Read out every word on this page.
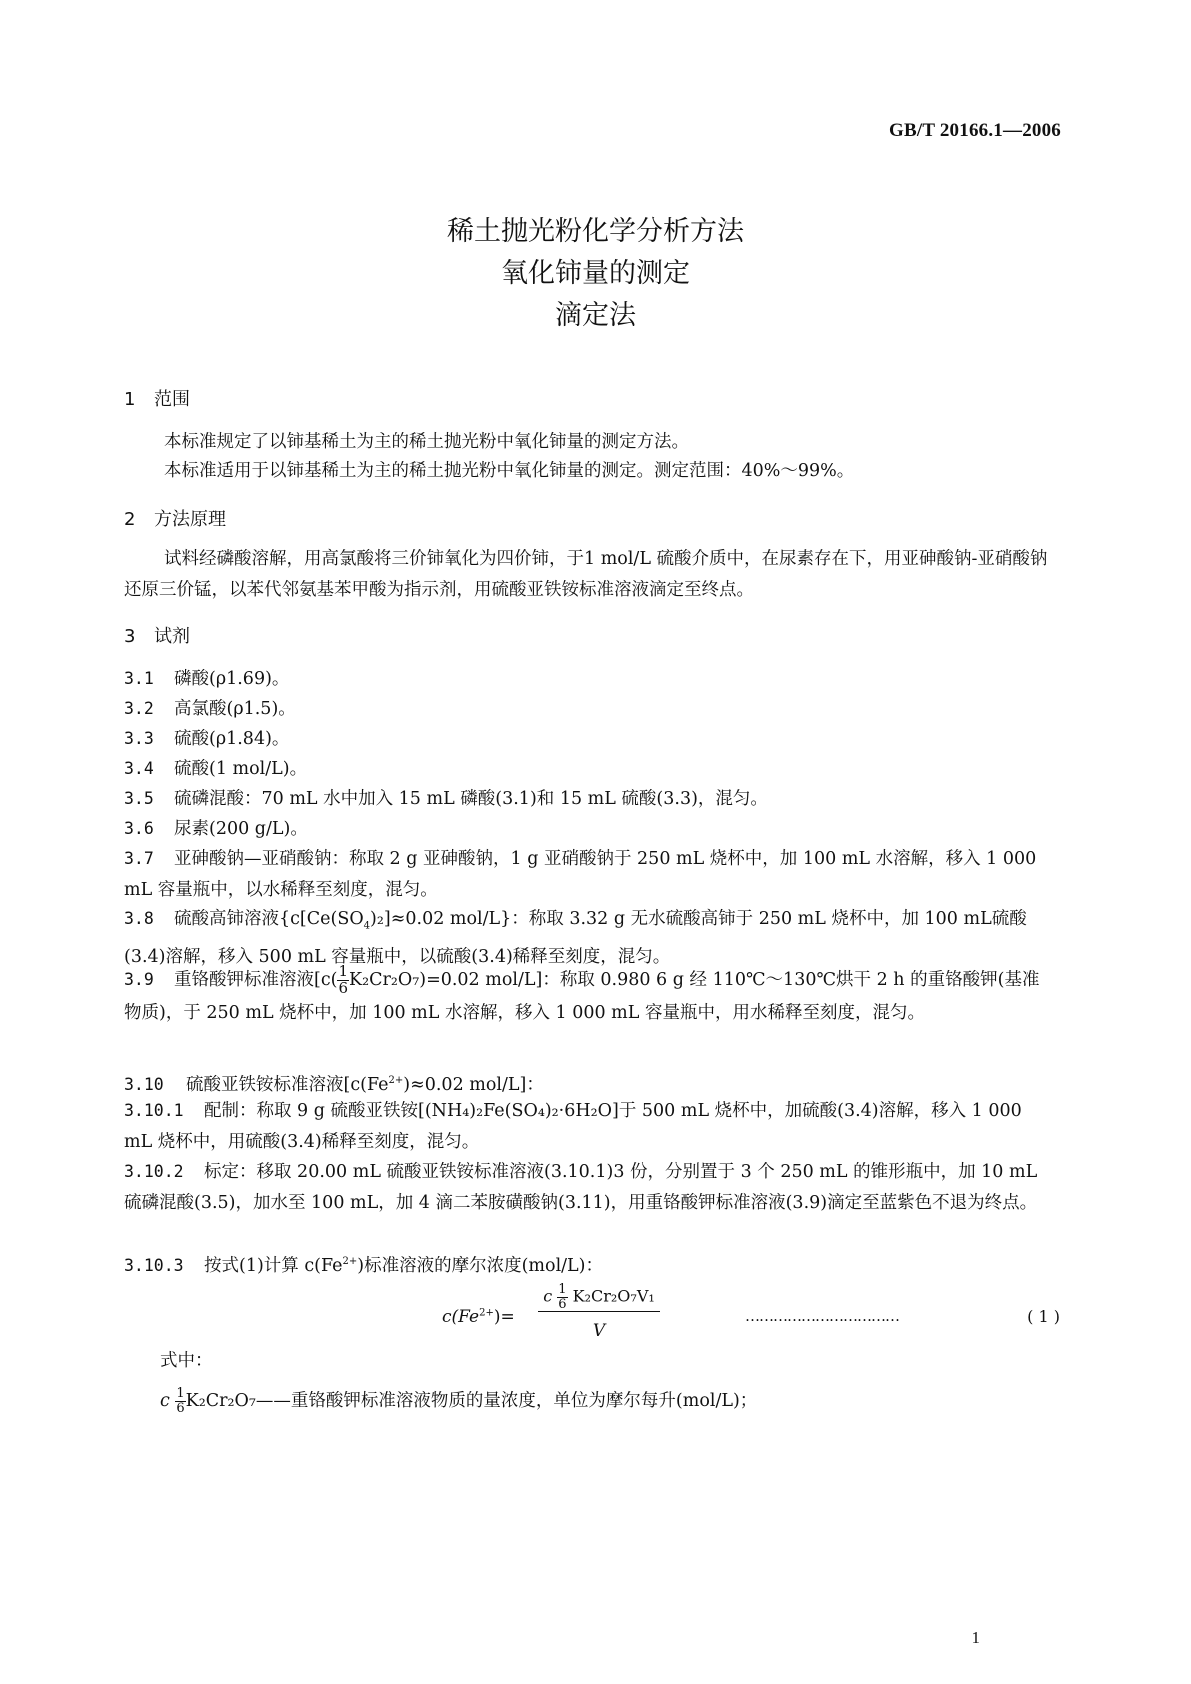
GB/T 20166.1—2006
稀土抛光粉化学分析方法
氧化铈量的测定
滴定法
1 范围
本标准规定了以铈基稀土为主的稀土抛光粉中氧化铈量的测定方法。
本标准适用于以铈基稀土为主的稀土抛光粉中氧化铈量的测定。测定范围：40%～99%。
2 方法原理
试料经磷酸溶解，用高氯酸将三价铈氧化为四价铈，于1 mol/L 硫酸介质中，在尿素存在下，用亚砷酸钠-亚硝酸钠还原三价锰，以苯代邻氨基苯甲酸为指示剂，用硫酸亚铁铵标准溶液滴定至终点。
3 试剂
3.1 磷酸(ρ1.69)。
3.2 高氯酸(ρ1.5)。
3.3 硫酸(ρ1.84)。
3.4 硫酸(1 mol/L)。
3.5 硫磷混酸：70 mL 水中加入 15 mL 磷酸(3.1)和 15 mL 硫酸(3.3)，混匀。
3.6 尿素(200 g/L)。
3.7 亚砷酸钠—亚硝酸钠：称取 2 g 亚砷酸钠，1 g 亚硝酸钠于 250 mL 烧杯中，加 100 mL 水溶解，移入 1 000 mL 容量瓶中，以水稀释至刻度，混匀。
3.8 硫酸高铈溶液{$c[Ce(SO_4)_2]\approx 0.02$ mol/L}：称取 3.32 g 无水硫酸高铈于 250 mL 烧杯中，加 100 mL硫酸(3.4)溶解，移入 500 mL 容量瓶中，以硫酸(3.4)稀释至刻度，混匀。
3.9 重铬酸钾标准溶液[$c( \frac{1}{6} K_2Cr_2O_7)=0.02$ mol/L]：称取 0.980 6 g 经 110℃～130℃烘干 2 h 的重铬酸钾(基准物质)，于 250 mL 烧杯中，加 100 mL 水溶解，移入 1 000 mL 容量瓶中，用水稀释至刻度，混匀。
3.10 硫酸亚铁铵标准溶液[$c(Fe^{2+})\approx 0.02$ mol/L]：
3.10.1 配制：称取 9 g 硫酸亚铁铵[(NH₄)₂Fe(SO₄)₂·6H₂O]于 500 mL 烧杯中，加硫酸(3.4)溶解，移入 1 000 mL 烧杯中，用硫酸(3.4)稀释至刻度，混匀。
3.10.2 标定：移取 20.00 mL 硫酸亚铁铵标准溶液(3.10.1)3 份，分别置于 3 个 250 mL 的锥形瓶中，加 10 mL 硫磷混酸(3.5)，加水至 100 mL，加 4 滴二苯胺磺酸钠(3.11)，用重铬酸钾标准溶液(3.9)滴定至蓝紫色不退为终点。
3.10.3 按式(1)计算 $c(Fe^{2+})$标准溶液的摩尔浓度(mol/L)：
$c(Fe^{2+})=$
c $\frac{1}{6} K_2Cr_2O_7V_1$
V
……………………………	( 1 )
式中：
c $\frac{1}{6}$ K₂Cr₂O₇——重铬酸钾标准溶液物质的量浓度，单位为摩尔每升(mol/L)；
1
